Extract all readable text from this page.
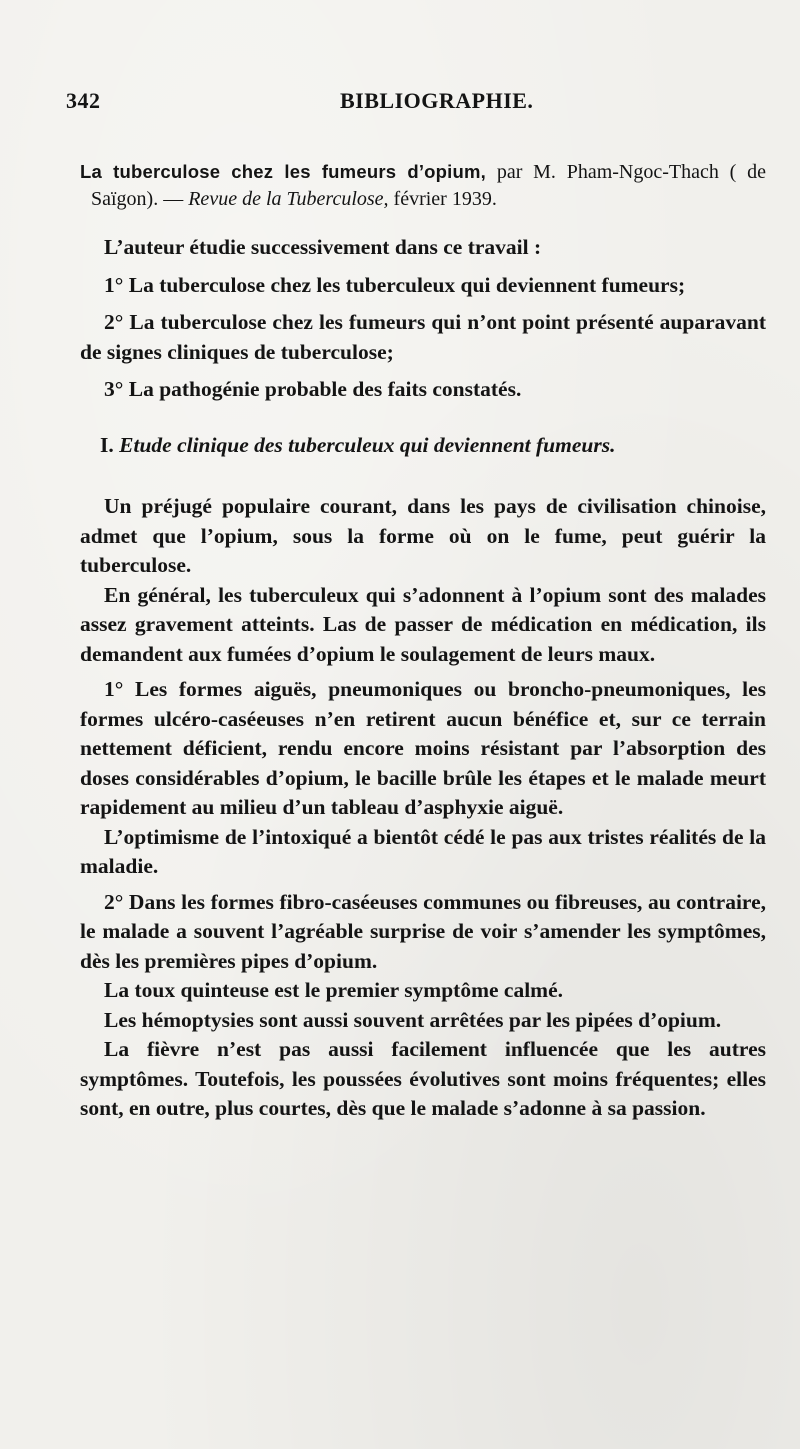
342	BIBLIOGRAPHIE.

La tuberculose chez les fumeurs d’opium, par M. Pham-Ngoc-Thach ( de Saïgon). — Revue de la Tuberculose, février 1939.

L’auteur étudie successivement dans ce travail :

1° La tuberculose chez les tuberculeux qui deviennent fumeurs;

2° La tuberculose chez les fumeurs qui n’ont point présenté auparavant de signes cliniques de tuberculose;

3° La pathogénie probable des faits constatés.

I. Etude clinique des tuberculeux qui deviennent fumeurs.

Un préjugé populaire courant, dans les pays de civilisation chinoise, admet que l’opium, sous la forme où on le fume, peut guérir la tuberculose.

En général, les tuberculeux qui s’adonnent à l’opium sont des malades assez gravement atteints. Las de passer de médication en médication, ils demandent aux fumées d’opium le soulagement de leurs maux.

1° Les formes aiguës, pneumoniques ou broncho-pneumoniques, les formes ulcéro-caséeuses n’en retirent aucun bénéfice et, sur ce terrain nettement déficient, rendu encore moins résistant par l’absorption des doses considérables d’opium, le bacille brûle les étapes et le malade meurt rapidement au milieu d’un tableau d’asphyxie aiguë.

L’optimisme de l’intoxiqué a bientôt cédé le pas aux tristes réalités de la maladie.

2° Dans les formes fibro-caséeuses communes ou fibreuses, au contraire, le malade a souvent l’agréable surprise de voir s’amender les symptômes, dès les premières pipes d’opium.

La toux quinteuse est le premier symptôme calmé.

Les hémoptysies sont aussi souvent arrêtées par les pipées d’opium.

La fièvre n’est pas aussi facilement influencée que les autres symptômes. Toutefois, les poussées évolutives sont moins fréquentes; elles sont, en outre, plus courtes, dès que le malade s’adonne à sa passion.
